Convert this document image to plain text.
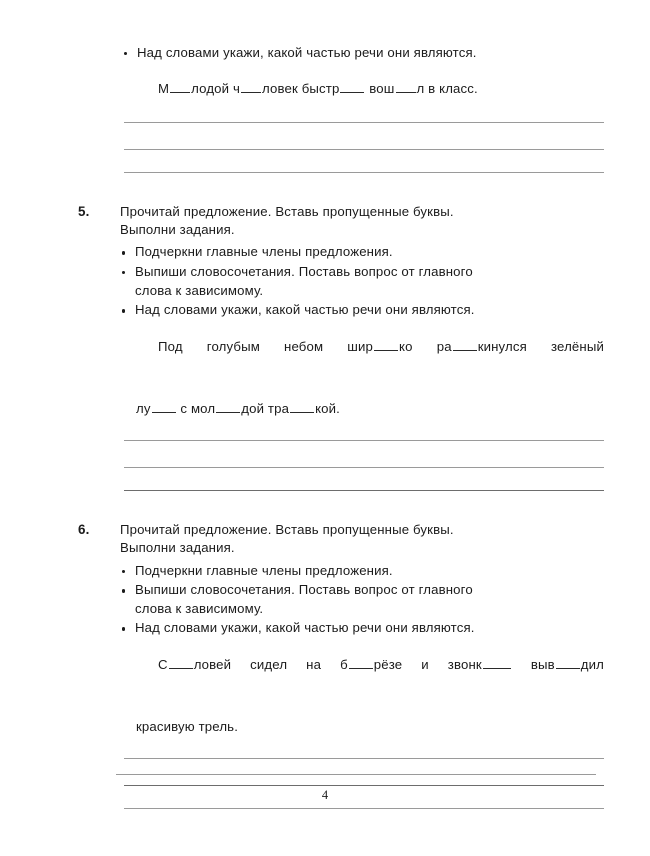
Над словами укажи, какой частью речи они являются.

М лодой ч ловек быстр вош л в класс.

5. Прочитай предложение. Вставь пропущенные буквы.
Выполни задания.
Подчеркни главные члены предложения.
Выпиши словосочетания. Поставь вопрос от главного
слова к зависимому.
Над словами укажи, какой частью речи они являются.

Под голубым небом шир ко ра кинулся зелёный
лу с мол дой тра кой.

6. Прочитай предложение. Вставь пропущенные буквы.
Выполни задания.
Подчеркни главные члены предложения.
Выпиши словосочетания. Поставь вопрос от главного
слова к зависимому.
Над словами укажи, какой частью речи они являются.

С ловей сидел на б рёзе и звонк выв дил
красивую трель.

4
